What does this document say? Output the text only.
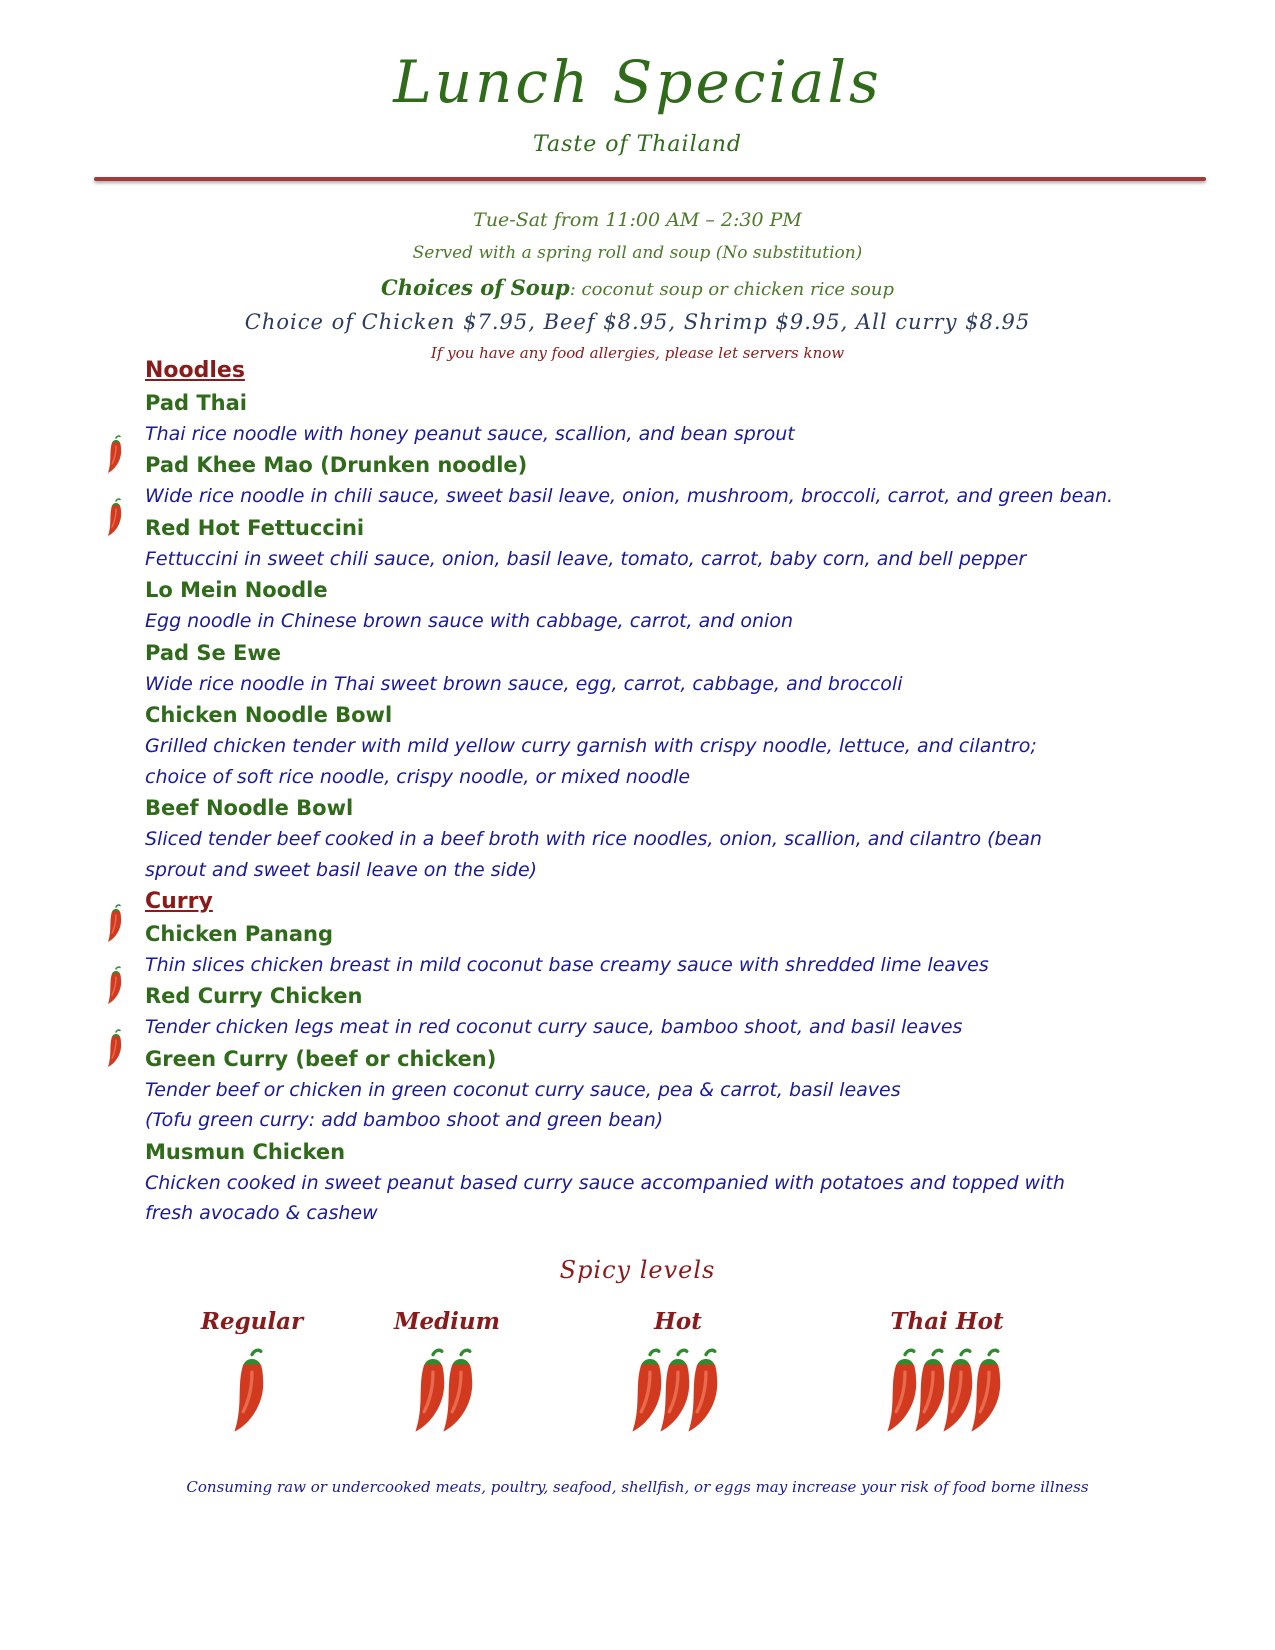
Lunch Specials
Taste of Thailand
Tue-Sat from 11:00 AM – 2:30 PM
Served with a spring roll and soup (No substitution)
Choices of Soup: coconut soup or chicken rice soup
Choice of Chicken $7.95, Beef $8.95, Shrimp $9.95, All curry $8.95
If you have any food allergies, please let servers know
Noodles
Pad Thai
Thai rice noodle with honey peanut sauce, scallion, and bean sprout
Pad Khee Mao (Drunken noodle)
Wide rice noodle in chili sauce, sweet basil leave, onion, mushroom, broccoli, carrot, and green bean.
Red Hot Fettuccini
Fettuccini in sweet chili sauce, onion, basil leave, tomato, carrot, baby corn, and bell pepper
Lo Mein Noodle
Egg noodle in Chinese brown sauce with cabbage, carrot, and onion
Pad Se Ewe
Wide rice noodle in Thai sweet brown sauce, egg, carrot, cabbage, and broccoli
Chicken Noodle Bowl
Grilled chicken tender with mild yellow curry garnish with crispy noodle, lettuce, and cilantro;
choice of soft rice noodle, crispy noodle, or mixed noodle
Beef Noodle Bowl
Sliced tender beef cooked in a beef broth with rice noodles, onion, scallion, and cilantro (bean
sprout and sweet basil leave on the side)
Curry
Chicken Panang
Thin slices chicken breast in mild coconut base creamy sauce with shredded lime leaves
Red Curry Chicken
Tender chicken legs meat in red coconut curry sauce, bamboo shoot, and basil leaves
Green Curry (beef or chicken)
Tender beef or chicken in green coconut curry sauce, pea & carrot, basil leaves
(Tofu green curry: add bamboo shoot and green bean)
Musmun Chicken
Chicken cooked in sweet peanut based curry sauce accompanied with potatoes and topped with
fresh avocado & cashew
Spicy levels
Regular	Medium	Hot	Thai Hot
Consuming raw or undercooked meats, poultry, seafood, shellfish, or eggs may increase your risk of food borne illness
